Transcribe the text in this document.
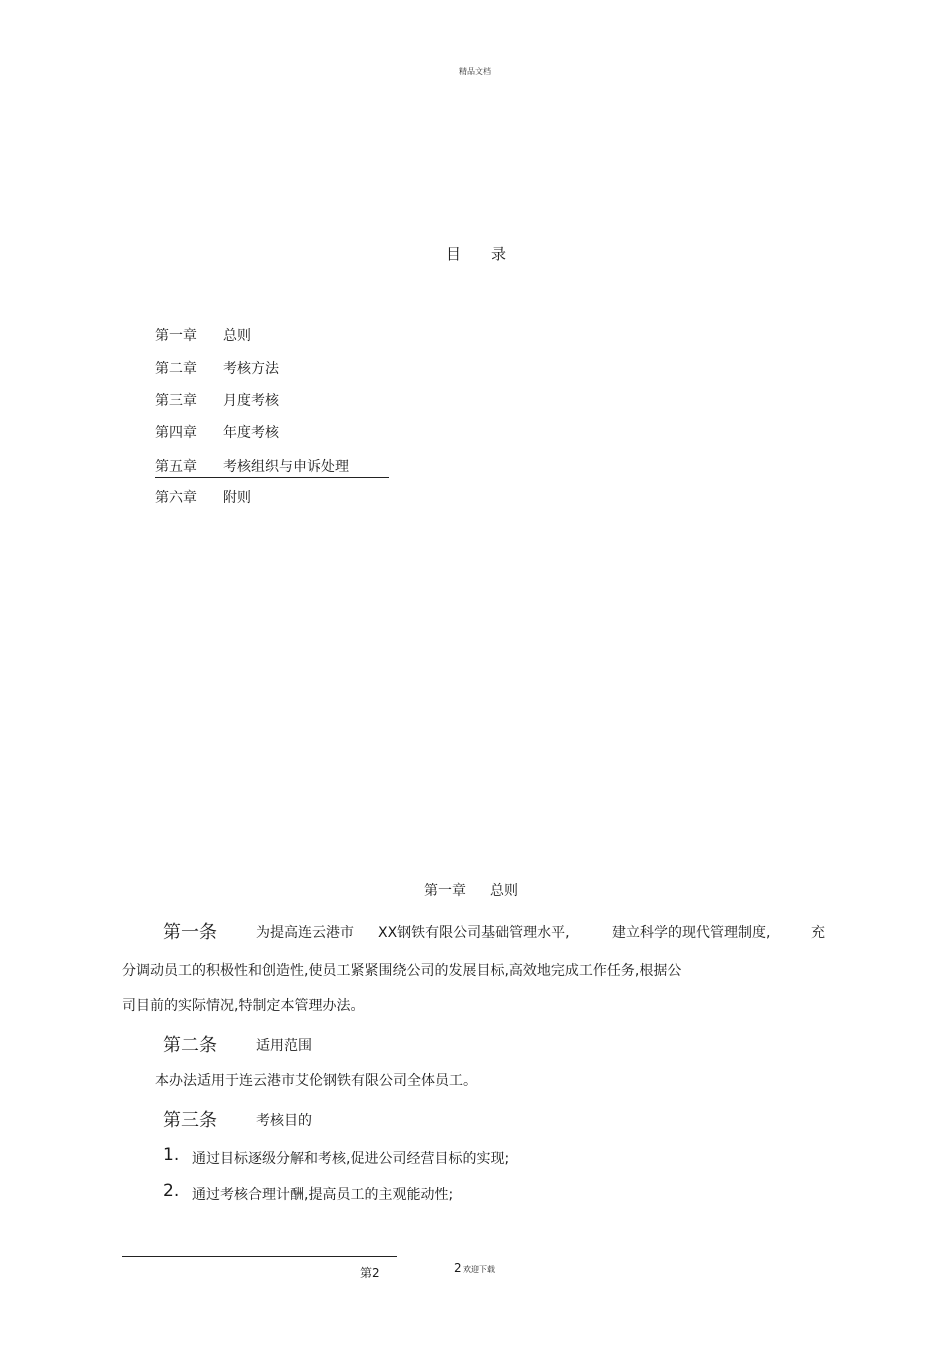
精品文档
目录
第一章 总则
第二章 考核方法
第三章 月度考核
第四章 年度考核
第五章 考核组织与申诉处理
第六章 附则
第一章 总则
第一条	为提高连云港市 XX钢铁有限公司基础管理水平,	建立科学的现代管理制度,	充
分调动员工的积极性和创造性,使员工紧紧围绕公司的发展目标,高效地完成工作任务,根据公
司目前的实际情况,特制定本管理办法。
第二条	适用范围
本办法适用于连云港市艾伦钢铁有限公司全体员工。
第三条	考核目的
1. 通过目标逐级分解和考核,促进公司经营目标的实现;
2. 通过考核合理计酬,提高员工的主观能动性;
第2	2 欢迎下载
